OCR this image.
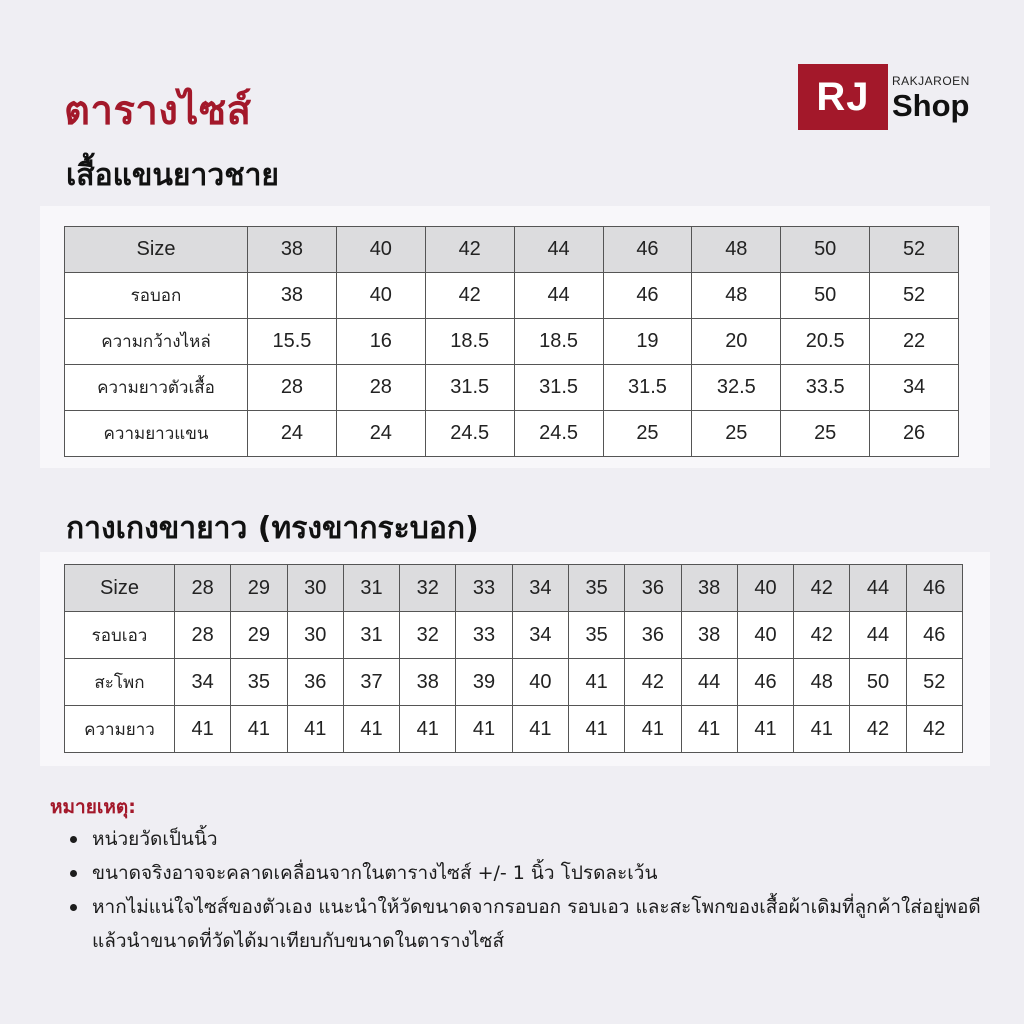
ตารางไซส์	RJ	RAKJAROEN
Shop
เสื้อแขนยาวชาย
Size	38	40	42	44	46	48	50	52
รอบอก	38	40	42	44	46	48	50	52
ความกว้างไหล่	15.5	16	18.5	18.5	19	20	20.5	22
ความยาวตัวเสื้อ	28	28	31.5	31.5	31.5	32.5	33.5	34
ความยาวแขน	24	24	24.5	24.5	25	25	25	26
กางเกงขายาว (ทรงขากระบอก)
Size	28	29	30	31	32	33	34	35	36	38	40	42	44	46
รอบเอว	28	29	30	31	32	33	34	35	36	38	40	42	44	46
สะโพก	34	35	36	37	38	39	40	41	42	44	46	48	50	52
ความยาว	41	41	41	41	41	41	41	41	41	41	41	41	42	42
หมายเหตุ:
หน่วยวัดเป็นนิ้ว
ขนาดจริงอาจจะคลาดเคลื่อนจากในตารางไซส์ +/- 1 นิ้ว โปรดละเว้น
หากไม่แน่ใจไซส์ของตัวเอง แนะนำให้วัดขนาดจากรอบอก รอบเอว และสะโพกของเสื้อผ้าเดิมที่ลูกค้าใส่อยู่พอดี แล้วนำขนาดที่วัดได้มาเทียบกับขนาดในตารางไซส์
